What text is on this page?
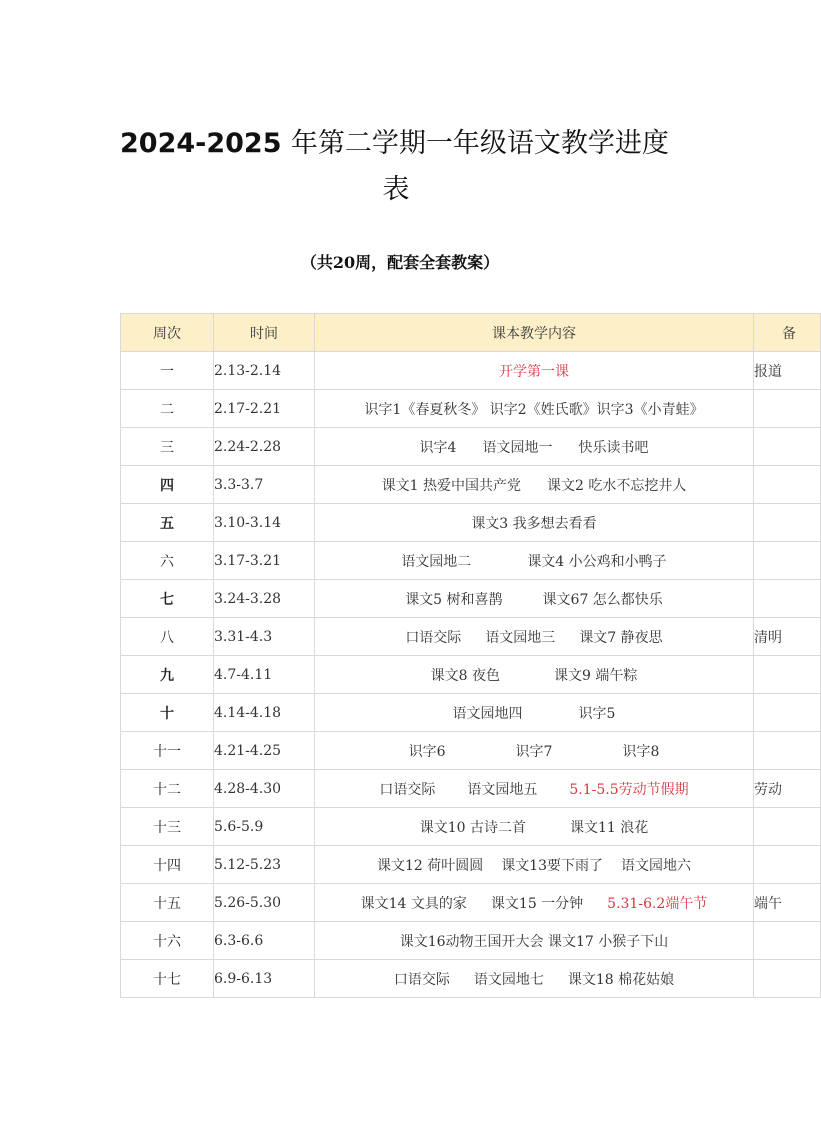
2024-2025 年第二学期一年级语文教学进度
表
（共20周，配套全套教案）
周次	时间	课本教学内容	备
一	2.13-2.14	开学第一课	报道
二	2.17-2.21	识字1《春夏秋冬》 识字2《姓氏歌》识字3《小青蛙》	
三	2.24-2.28	识字4 语文园地一 快乐读书吧	
四	3.3-3.7	课文1 热爱中国共产党 课文2 吃水不忘挖井人	
五	3.10-3.14	课文3 我多想去看看	
六	3.17-3.21	语文园地二 课文4 小公鸡和小鸭子	
七	3.24-3.28	课文5 树和喜鹊 课文67 怎么都快乐	
八	3.31-4.3	口语交际 语文园地三 课文7 静夜思	清明
九	4.7-4.11	课文8 夜色 课文9 端午粽	
十	4.14-4.18	语文园地四 识字5	
十一	4.21-4.25	识字6 识字7 识字8	
十二	4.28-4.30	口语交际 语文园地五 5.1-5.5劳动节假期	劳动
十三	5.6-5.9	课文10 古诗二首 课文11 浪花	
十四	5.12-5.23	课文12 荷叶圆圆 课文13要下雨了 语文园地六	
十五	5.26-5.30	课文14 文具的家 课文15 一分钟 5.31-6.2端午节	端午
十六	6.3-6.6	课文16动物王国开大会 课文17 小猴子下山	
十七	6.9-6.13	口语交际 语文园地七 课文18 棉花姑娘	
